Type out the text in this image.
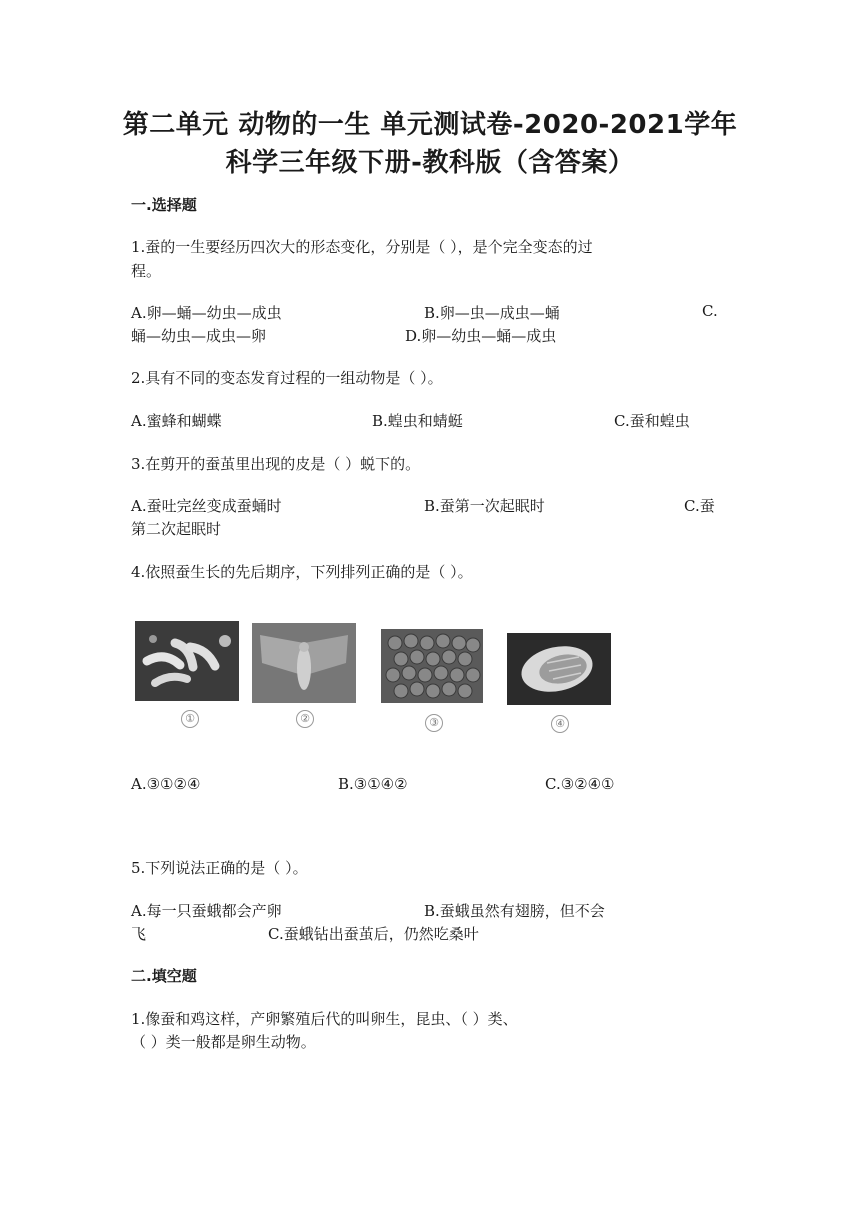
第二单元 动物的一生 单元测试卷-2020-2021学年
科学三年级下册-教科版（含答案）
一.选择题
1.蚕的一生要经历四次大的形态变化，分别是（ ），是个完全变态的过
程。
A.卵—蛹—幼虫—成虫	B.卵—虫—成虫—蛹	C.
蛹—幼虫—成虫—卵	D.卵—幼虫—蛹—成虫
2.具有不同的变态发育过程的一组动物是（ ）。
A.蜜蜂和蝴蝶	B.蝗虫和蜻蜓	C.蚕和蝗虫
3.在剪开的蚕茧里出现的皮是（ ）蜕下的。
A.蚕吐完丝变成蚕蛹时	B.蚕第一次起眠时	C.蚕
第二次起眠时
4.依照蚕生长的先后期序，下列排列正确的是（ ）。
①	②	③	④
A.③①②④	B.③①④②	C.③②④①
5.下列说法正确的是（ ）。
A.每一只蚕蛾都会产卵	B.蚕蛾虽然有翅膀，但不会
飞	C.蚕蛾钻出蚕茧后，仍然吃桑叶
二.填空题
1.像蚕和鸡这样，产卵繁殖后代的叫卵生，昆虫、（ ）类、
（ ）类一般都是卵生动物。
